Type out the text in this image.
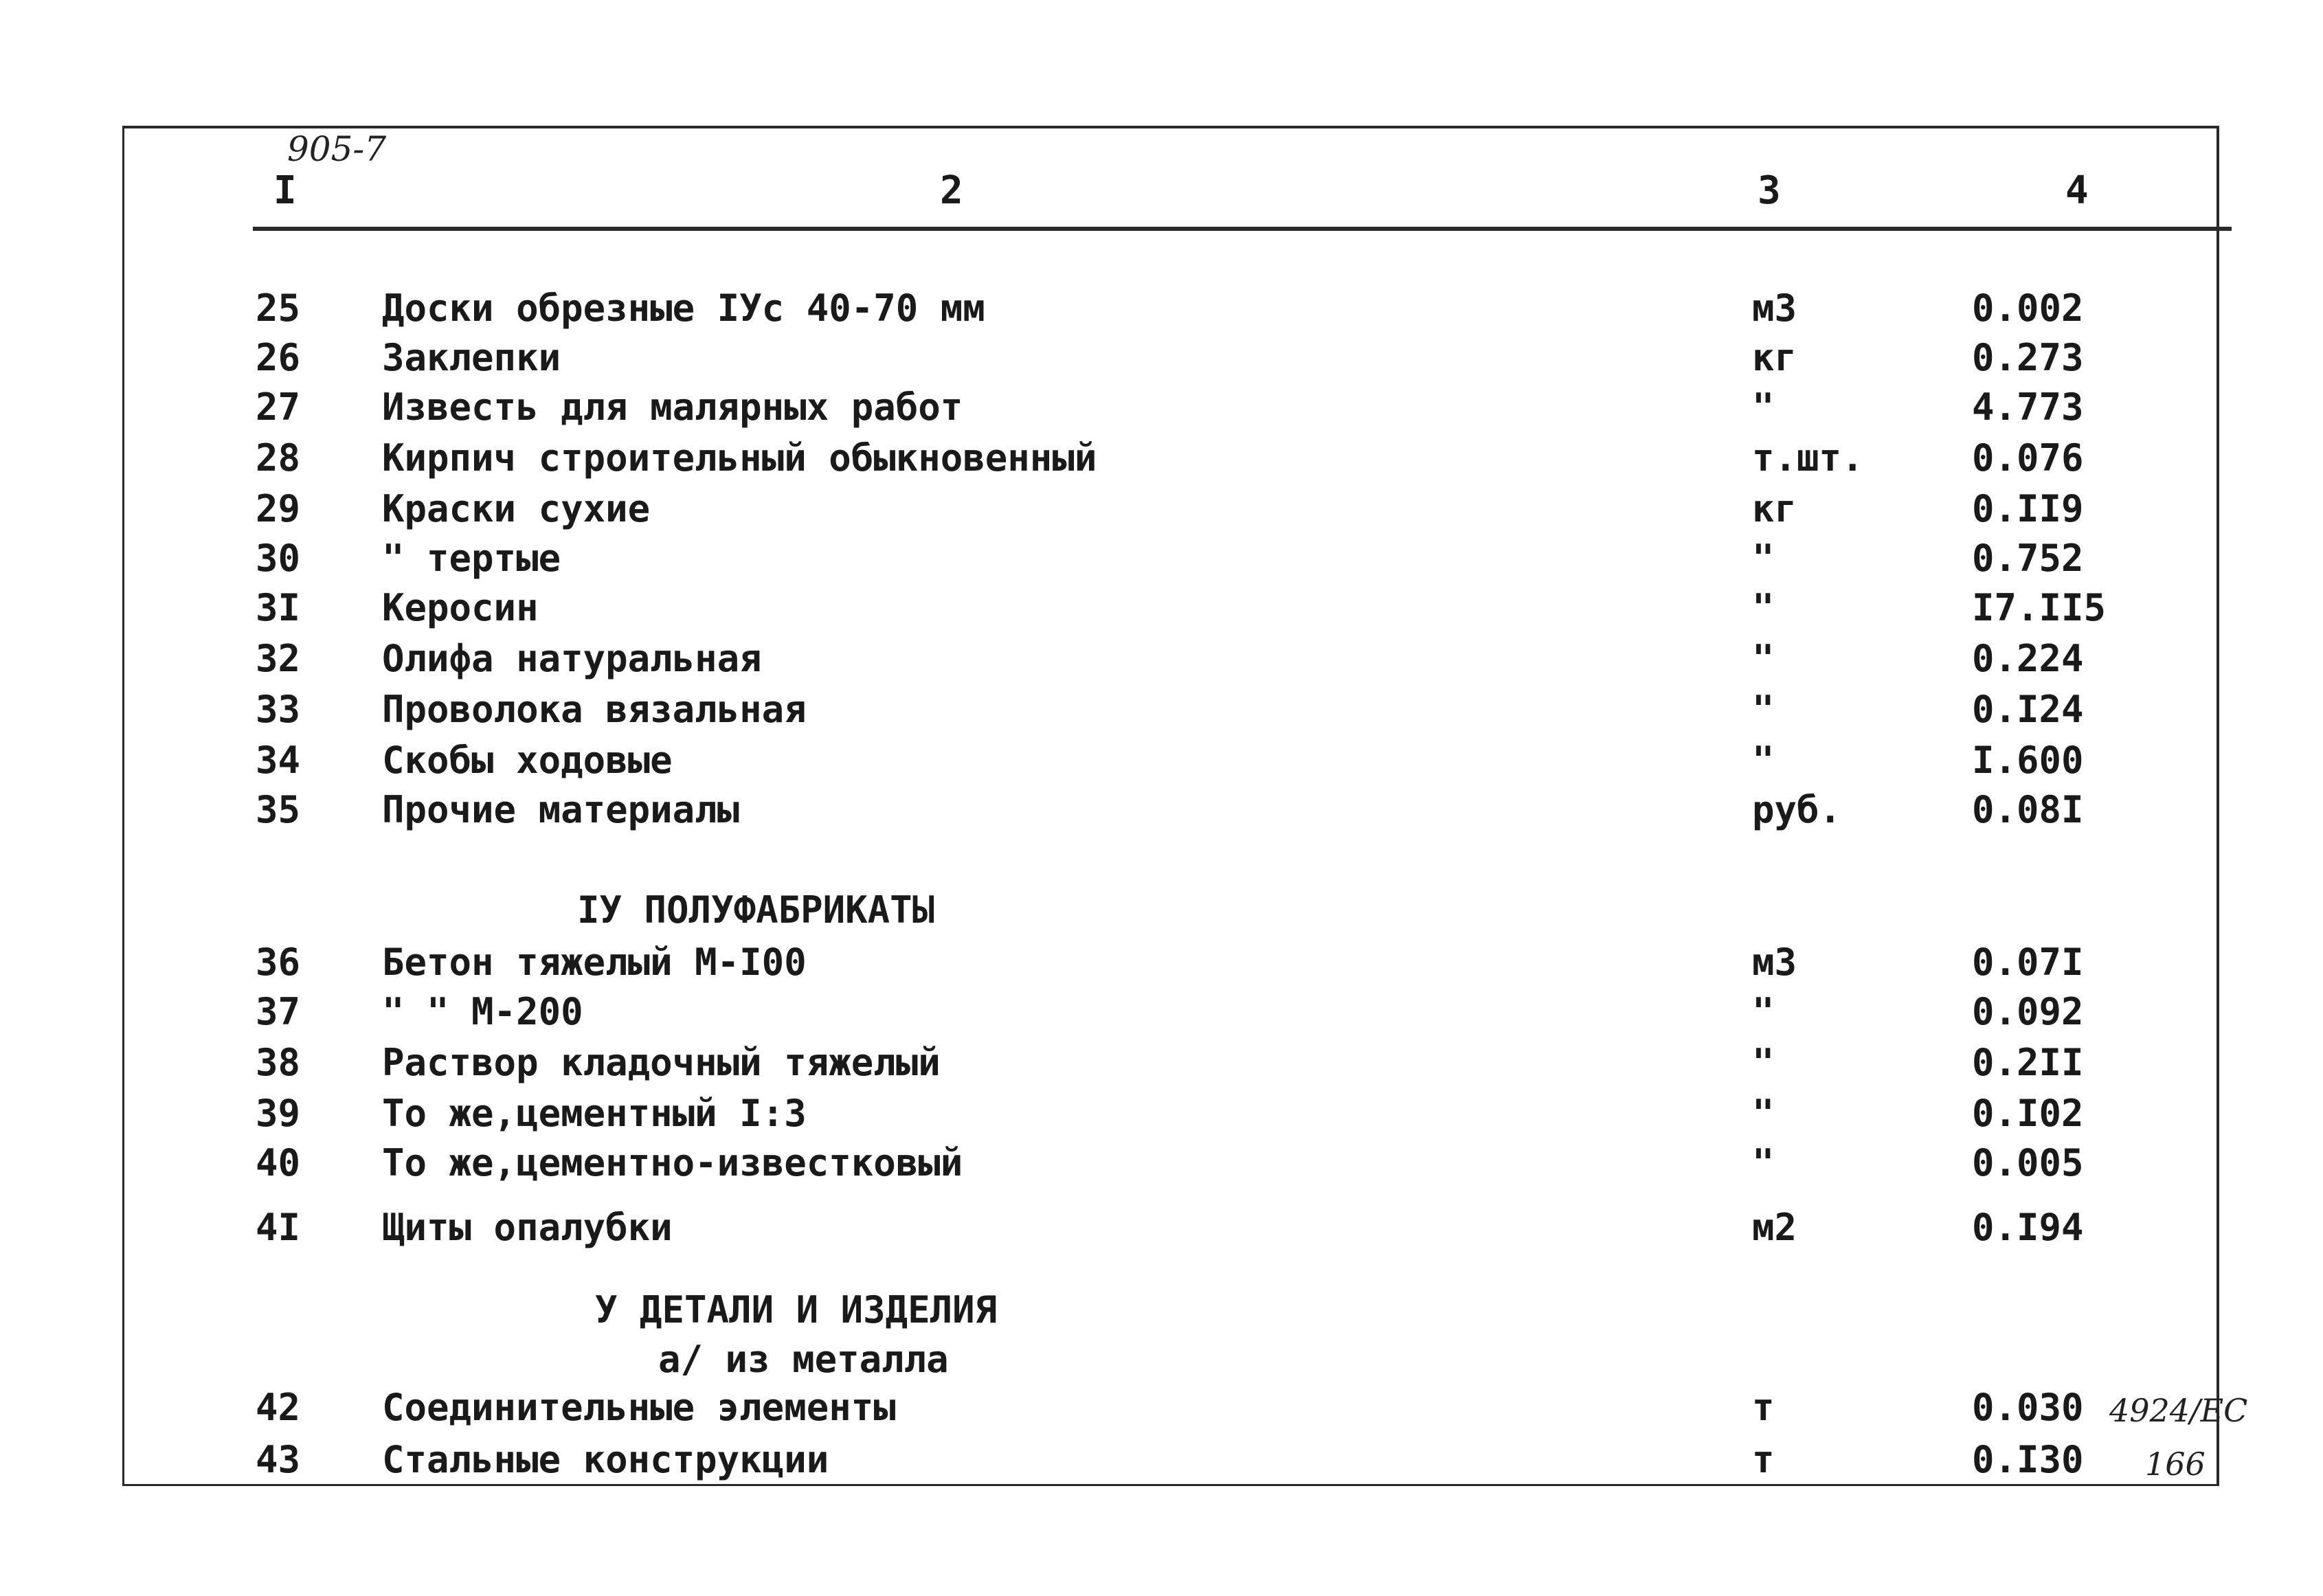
905-7
I	2	3	4
25 Доски обрезные IУс 40-70 мм	м3	0.002
26 Заклепки	кг	0.273
27 Известь для малярных работ	"	4.773
28 Кирпич строительный обыкновенный	т.шт.	0.076
29 Краски сухие	кг	0.II9
30 " тертые	"	0.752
3I Керосин	"	I7.II5
32 Олифа натуральная	"	0.224
33 Проволока вязальная	"	0.I24
34 Скобы ходовые	"	I.600
35 Прочие материалы	руб.	0.08I
IУ ПОЛУФАБРИКАТЫ
36 Бетон тяжелый М-I00	м3	0.07I
37 " " М-200	"	0.092
38 Раствор кладочный тяжелый	"	0.2II
39 То же,цементный I:3	"	0.I02
40 То же,цементно-известковый	"	0.005
4I Щиты опалубки	м2	0.I94
У ДЕТАЛИ И ИЗДЕЛИЯ
а/ из металла
42 Соединительные элементы	т	0.030
43 Стальные конструкции	т	0.I30
4924/ЕС
166
